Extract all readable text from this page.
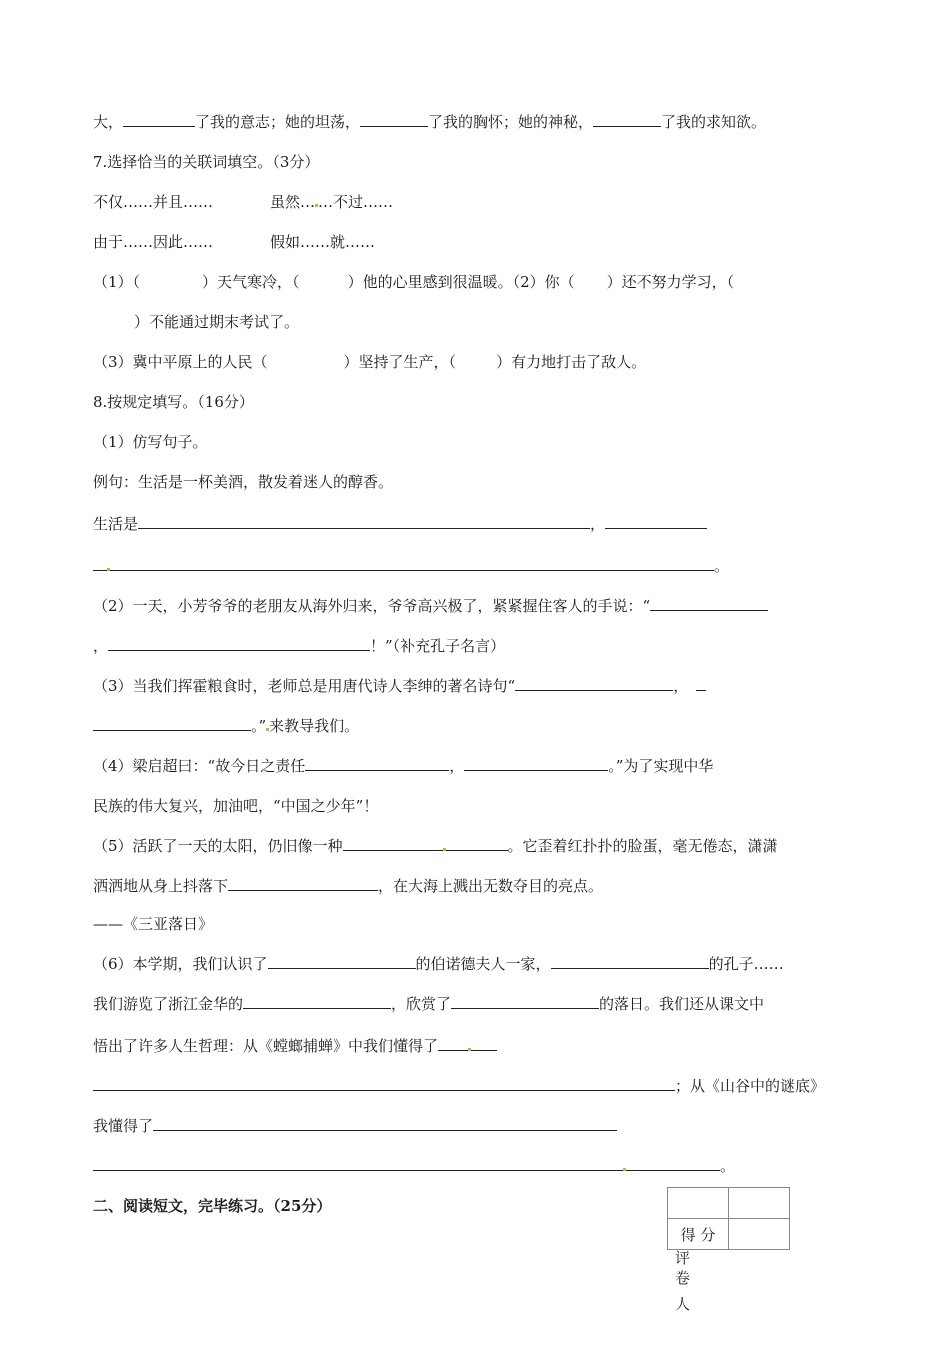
大，	了我的意志；她的坦荡，	了我的胸怀；她的神秘，	了我的求知欲。
7.选择恰当的关联词填空。（3分）
不仅……并且……	虽然… …不过……
由于……因此……	假如……就……
（1）（	）天气寒冷，（	）他的心里感到很温暖。（2）你（ ）还不努力学习，（
）不能通过期末考试了。
（3）冀中平原上的人民（	）坚持了生产，（	）有力地打击了敌人。
8.按规定填写。（16分）
（1）仿写句子。
例句：生活是一杯美酒，散发着迷人的醇香。
生活是	，
。
（2）一天，小芳爷爷的老朋友从海外归来，爷爷高兴极了，紧紧握住客人的手说：“
，	！”（补充孔子名言）
（3）当我们挥霍粮食时，老师总是用唐代诗人李绅的著名诗句“	，
。” 来教导我们。
（4）梁启超曰：“故今日之责任	，	。”为了实现中华
民族的伟大复兴，加油吧，“中国之少年”！
（5）活跃了一天的太阳，仍旧像一种	。它歪着红扑扑的脸蛋，毫无倦态，潇潇
洒洒地从身上抖落下	，在大海上溅出无数夺目的亮点。
——《三亚落日》
（6）本学期，我们认识了	的伯诺德夫人一家，	的孔子……
我们游览了浙江金华的	，欣赏了	的落日。我们还从课文中
悟出了许多人生哲理：从《螳螂捕蝉》中我们懂得了
；从《山谷中的谜底》
我懂得了
。
二、阅读短文，完毕练习。（25分）

得 分	
评 卷
人
